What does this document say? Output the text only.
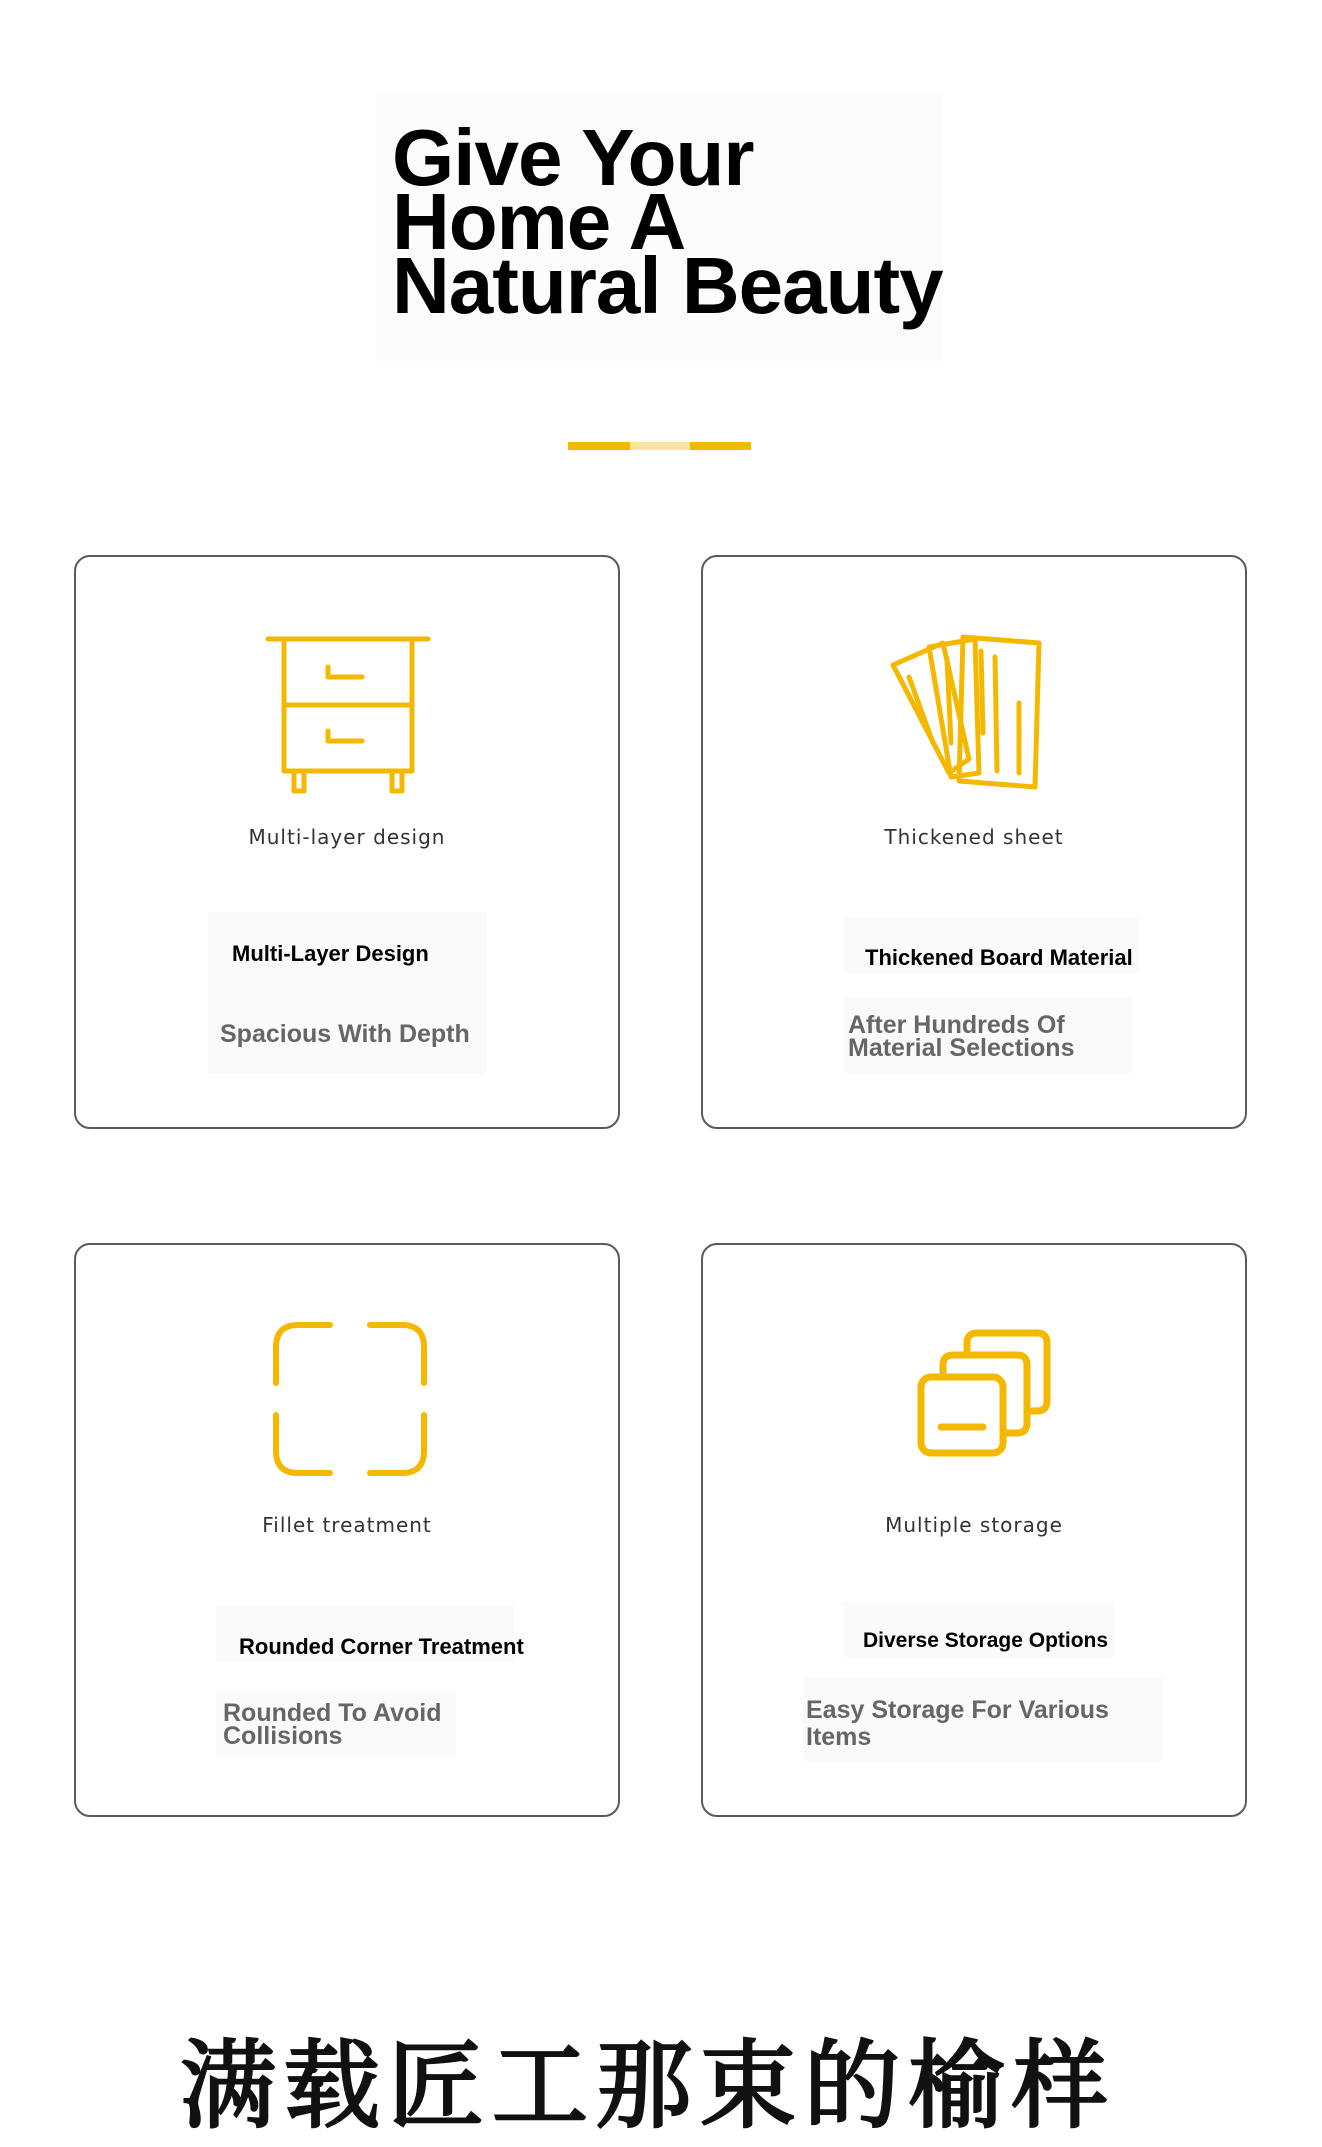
Give Your
Home A
Natural Beauty
Multi-layer design
Multi-Layer Design
Spacious With Depth
Thickened sheet
Thickened Board Material
After Hundreds Of Material Selections
Fillet treatment
Rounded Corner Treatment
Rounded To Avoid Collisions
Multiple storage
Diverse Storage Options
Easy Storage For Various Items
满载匠工那束的榆样
